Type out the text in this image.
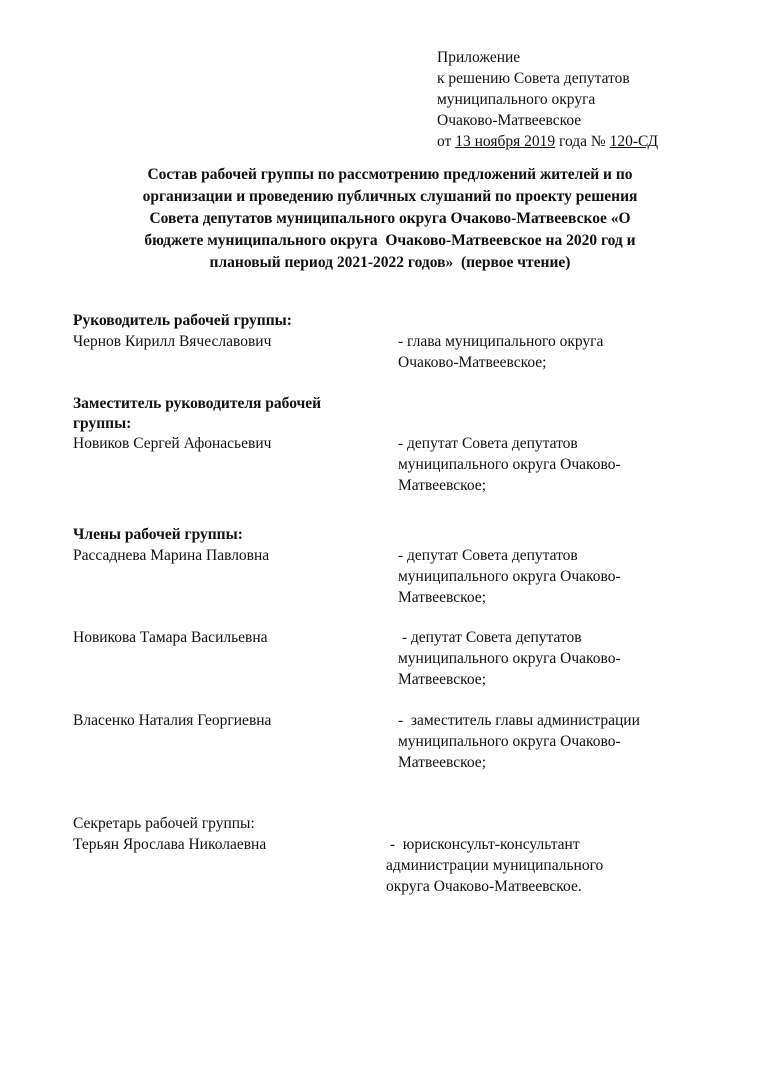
Приложение
к решению Совета депутатов
муниципального округа
Очаково-Матвеевское
от 13 ноября 2019 года № 120-СД
Состав рабочей группы по рассмотрению предложений жителей и по
организации и проведению публичных слушаний по проекту решения
Совета депутатов муниципального округа Очаково-Матвеевское «О
бюджете муниципального округа  Очаково-Матвеевское на 2020 год и
плановый период 2021-2022 годов»  (первое чтение)
Руководитель рабочей группы:
Чернов Кирилл Вячеславович	- глава муниципального округа
Очаково-Матвеевское;
Заместитель руководителя рабочей
группы:
Новиков Сергей Афонасьевич	- депутат Совета депутатов
муниципального округа Очаково-
Матвеевское;
Члены рабочей группы:
Рассаднева Марина Павловна	- депутат Совета депутатов
муниципального округа Очаково-
Матвеевское;
Новикова Тамара Васильевна	- депутат Совета депутатов
муниципального округа Очаково-
Матвеевское;
Власенко Наталия Георгиевна	-  заместитель главы администрации
муниципального округа Очаково-
Матвеевское;
Секретарь рабочей группы:
Терьян Ярослава Николаевна	-  юрисконсульт-консультант
администрации муниципального
округа Очаково-Матвеевское.
